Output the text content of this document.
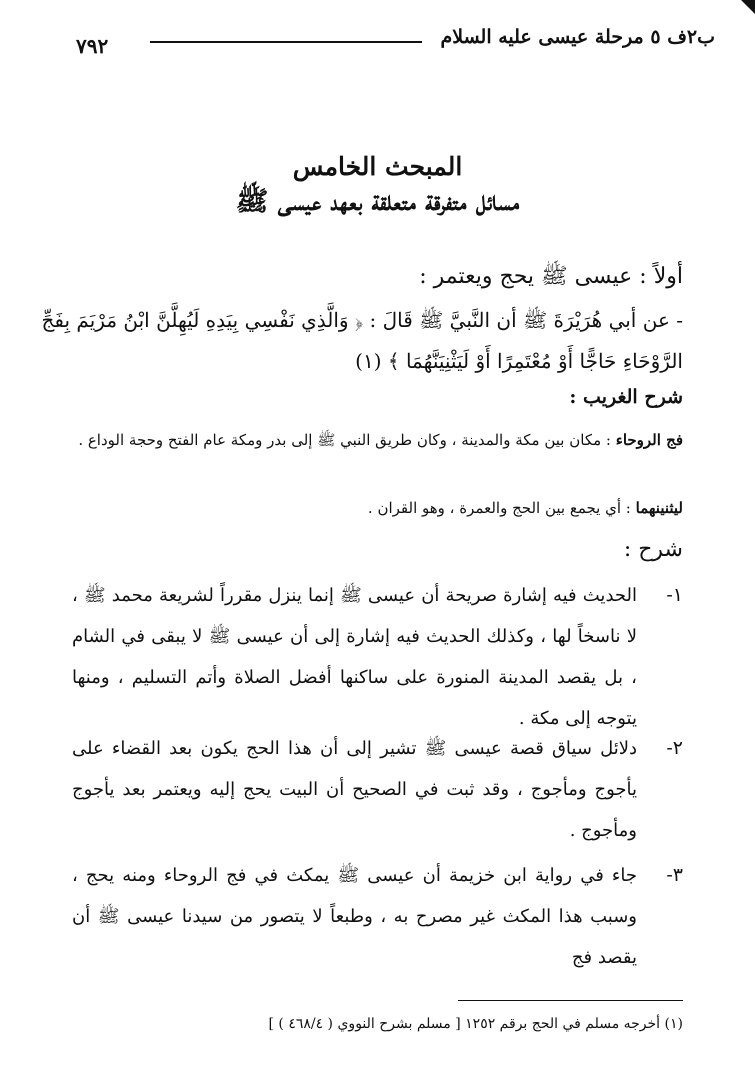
ب٢ف ٥ مرحلة عيسى عليه السلام
٧٩٢
المبحث الخامس
مسائل متفرقة متعلقة بعهد عيسى ﷺ
أولاً : عيسى ﷺ يحج ويعتمر :
- عن أبي هُرَيْرَةَ ﷺ أن النَّبيَّ ﷺ قَالَ : ﴿ وَالَّذِي نَفْسِي بِيَدِهِ لَيُهِلَّنَّ ابْنُ مَرْيَمَ بِفَجِّ
الرَّوْحَاءِ حَاجًّا أَوْ مُعْتَمِرًا أَوْ لَيَثْنِيَنَّهُمَا ﴾ (١)
شرح الغريب :
فج الروحاء : مكان بين مكة والمدينة ، وكان طريق النبي ﷺ إلى بدر ومكة عام الفتح وحجة الوداع .
ليثنينهما : أي يجمع بين الحج والعمرة ، وهو القران .
شرح :
١-
الحديث فيه إشارة صريحة أن عيسى ﷺ إنما ينزل مقرراً لشريعة محمد ﷺ ، لا ناسخاً لها ، وكذلك الحديث فيه إشارة إلى أن عيسى ﷺ لا يبقى في الشام ، بل يقصد المدينة المنورة على ساكنها أفضل الصلاة وأتم التسليم ، ومنها يتوجه إلى مكة .
٢-
دلائل سياق قصة عيسى ﷺ تشير إلى أن هذا الحج يكون بعد القضاء على يأجوج ومأجوج ، وقد ثبت في الصحيح أن البيت يحج إليه ويعتمر بعد يأجوج ومأجوج .
٣-
جاء في رواية ابن خزيمة أن عيسى ﷺ يمكث في فج الروحاء ومنه يحج ، وسبب هذا المكث غير مصرح به ، وطبعاً لا يتصور من سيدنا عيسى ﷺ أن يقصد فج
(١) أخرجه مسلم في الحج برقم ١٢٥٢ [ مسلم بشرح النووي ( ٤٦٨/٤ ) ]
